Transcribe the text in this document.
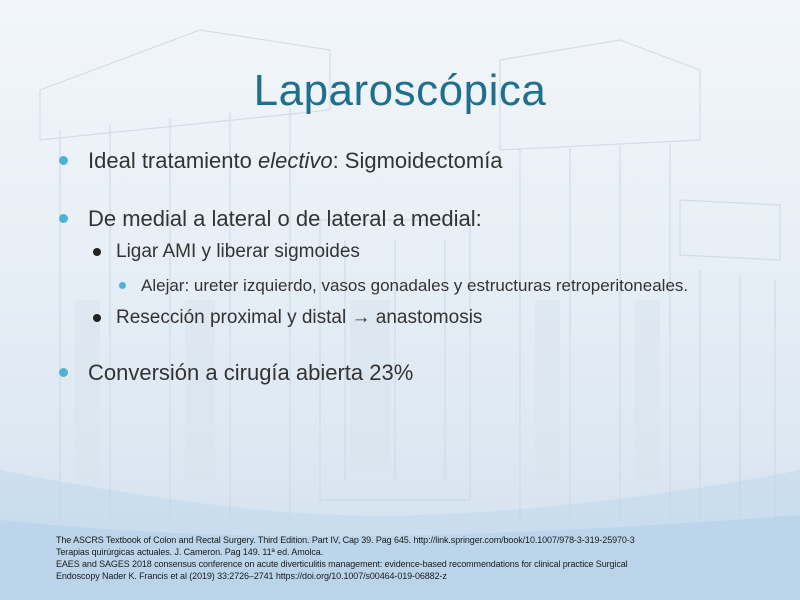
Laparoscópica
Ideal tratamiento electivo: Sigmoidectomía
De medial a lateral o de lateral a medial:
Ligar AMI y liberar sigmoides
Alejar: ureter izquierdo, vasos gonadales y estructuras retroperitoneales.
Resección proximal y distal → anastomosis
Conversión a cirugía abierta 23%
The ASCRS Textbook of Colon and Rectal Surgery. Third Edition. Part IV, Cap 39. Pag 645. http://link.springer.com/book/10.1007/978-3-319-25970-3
Terapias quirúrgicas actuales. J. Cameron. Pag 149. 11ª ed. Amolca.
EAES and SAGES 2018 consensus conference on acute diverticulitis management: evidence-based recommendations for clinical practice Surgical
Endoscopy Nader K. Francis et al (2019) 33:2726–2741 https://doi.org/10.1007/s00464-019-06882-z
